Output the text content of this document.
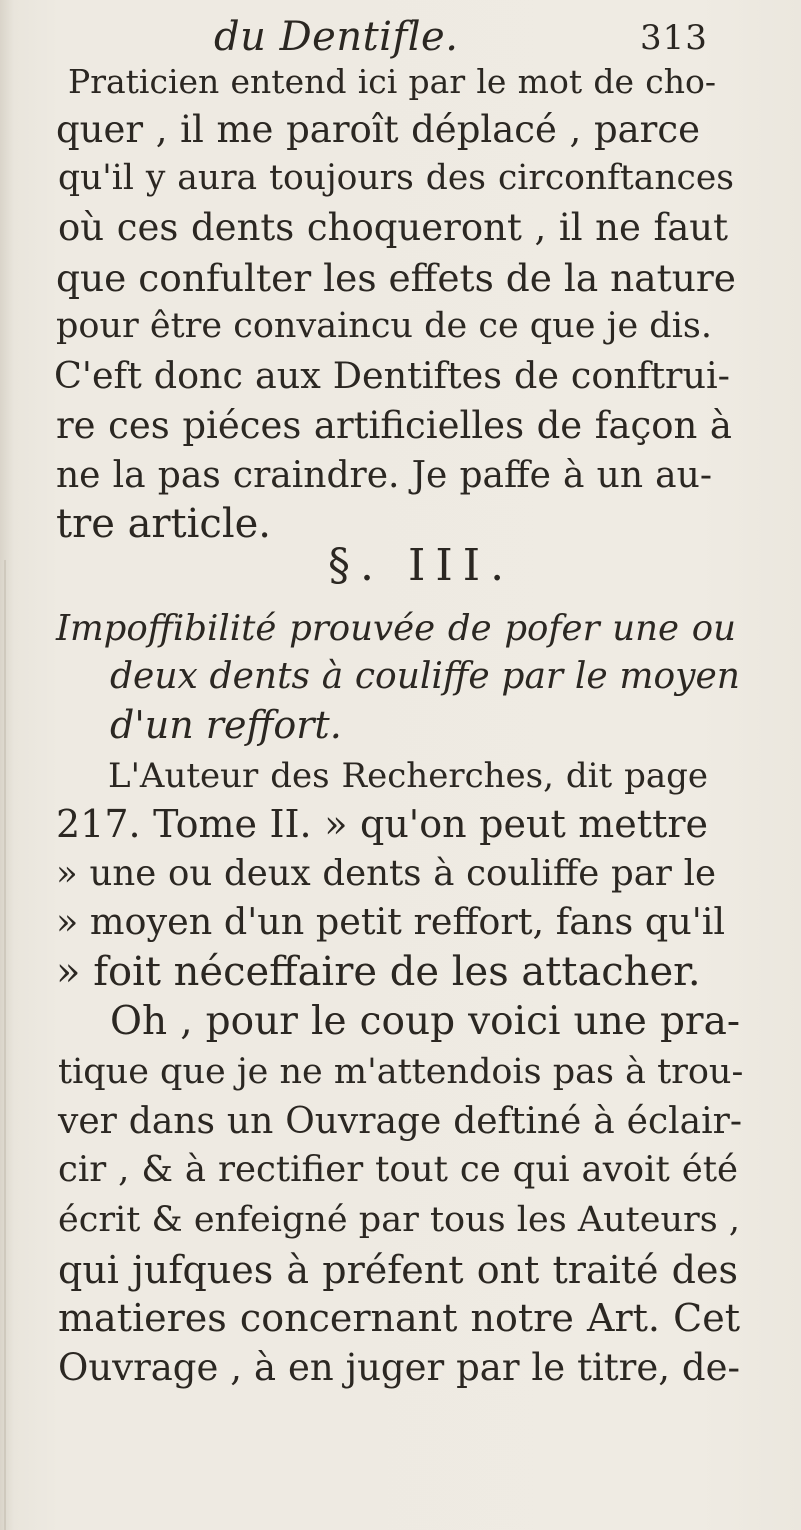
du Dentifle.	313
Praticien entend ici par le mot de cho-
quer , il me paroît déplacé , parce
qu'il y aura toujours des circonftances
où ces dents choqueront , il ne faut
que confulter les effets de la nature
pour être convaincu de ce que je dis.
C'eft donc aux Dentiftes de conftrui-
re ces piéces artificielles de façon à
ne la pas craindre. Je paffe à un au-
tre article.
§. III.
Impoffibilité prouvée de pofer une ou
deux dents à couliffe par le moyen
d'un reffort.
L'Auteur des Recherches, dit page
217. Tome II. » qu'on peut mettre
» une ou deux dents à couliffe par le
» moyen d'un petit reffort, fans qu'il
» foit néceffaire de les attacher.
Oh , pour le coup voici une pra-
tique que je ne m'attendois pas à trou-
ver dans un Ouvrage deftiné à éclair-
cir , & à rectifier tout ce qui avoit été
écrit & enfeigné par tous les Auteurs ,
qui jufques à préfent ont traité des
matieres concernant notre Art. Cet
Ouvrage , à en juger par le titre, de-
